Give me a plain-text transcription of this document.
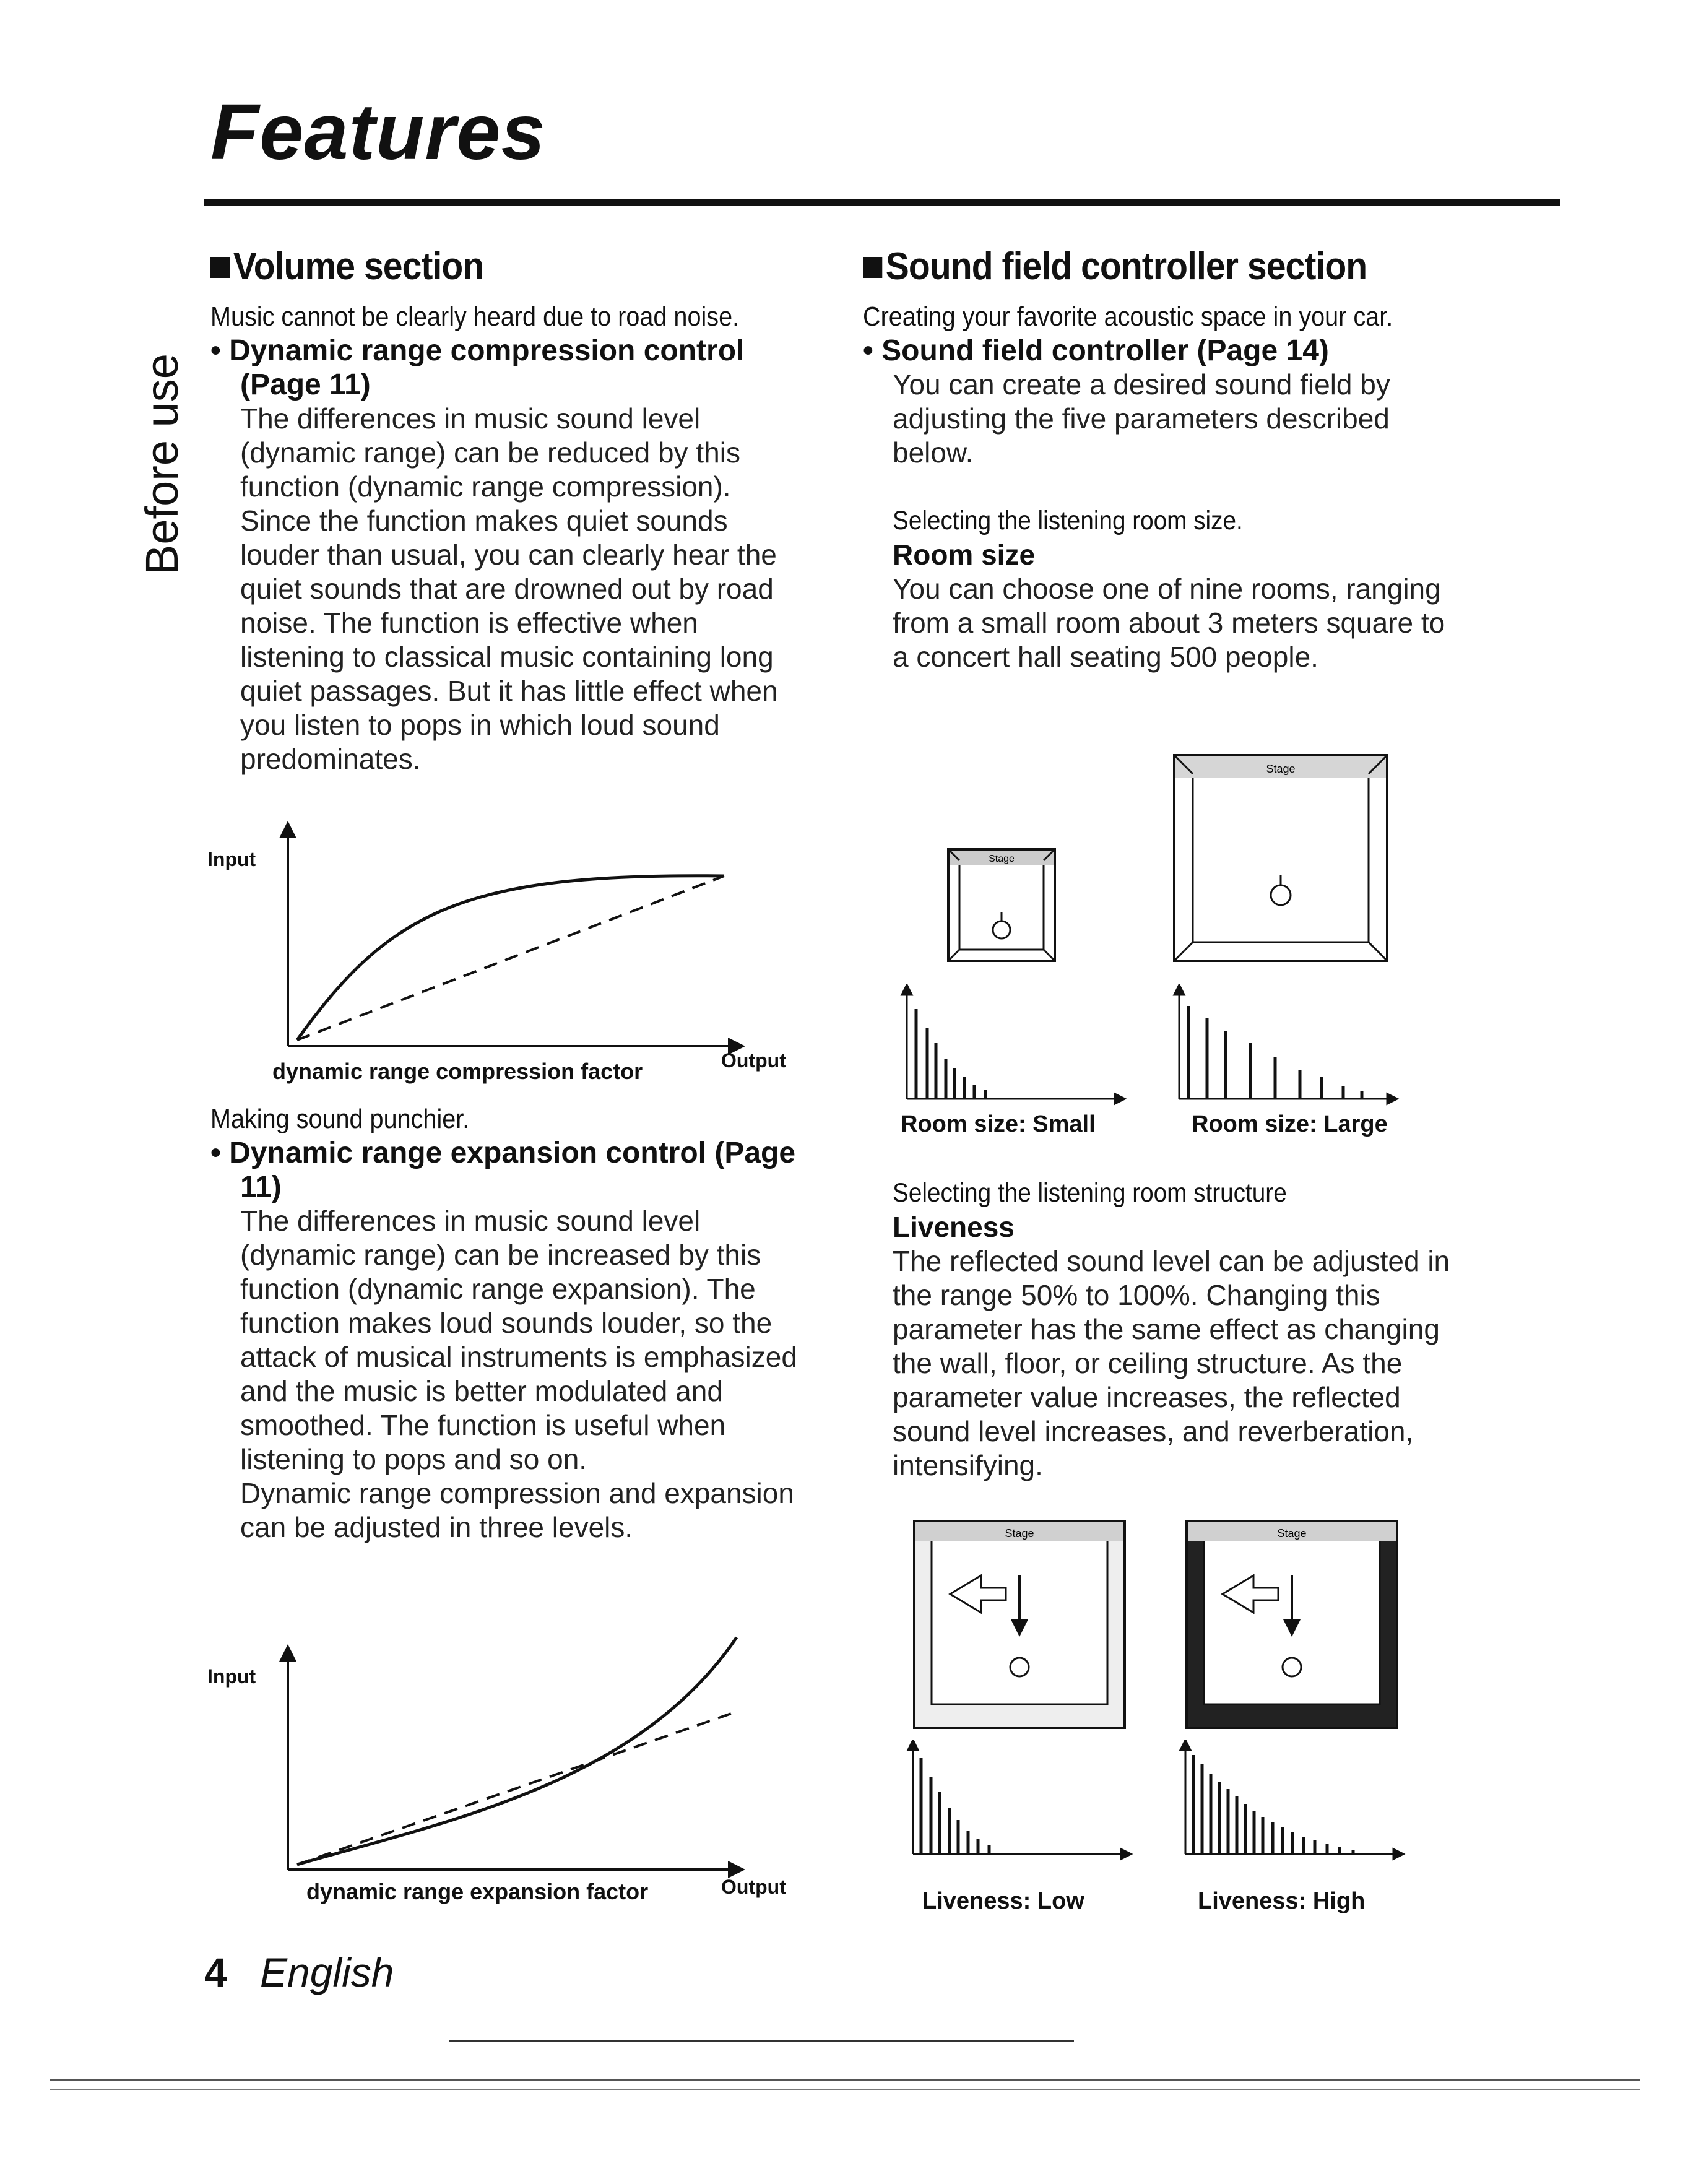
Features
Before use
Volume section

Music cannot be clearly heard due to road noise.

• Dynamic range compression control (Page 11)

The differences in music sound level (dynamic range) can be reduced by this function (dynamic range compression). Since the function makes quiet sounds louder than usual, you can clearly hear the quiet sounds that are drowned out by road noise. The function is effective when listening to classical music containing long quiet passages. But it has little effect when you listen to pops in which loud sound predominates.

Input
dynamic range compression factor	Output

Making sound punchier.

• Dynamic range expansion control (Page 11)

The differences in music sound level (dynamic range) can be increased by this function (dynamic range expansion). The function makes loud sounds louder, so the attack of musical instruments is emphasized and the music is better modulated and smoothed. The function is useful when listening to pops and so on.

Dynamic range compression and expansion can be adjusted in three levels.

Input
dynamic range expansion factor	Output
Sound field controller section

Creating your favorite acoustic space in your car.

• Sound field controller (Page 14)

You can create a desired sound field by adjusting the five parameters described below.

Selecting the listening room size.

Room size

You can choose one of nine rooms, ranging from a small room about 3 meters square to a concert hall seating 500 people.

Stage
Stage
Room size: Small	Room size: Large

Selecting the listening room structure

Liveness

The reflected sound level can be adjusted in the range 50% to 100%. Changing this parameter has the same effect as changing the wall, floor, or ceiling structure. As the parameter value increases, the reflected sound level increases, and reverberation, intensifying.

Stage	Stage
Liveness: Low	Liveness: High
4 English
